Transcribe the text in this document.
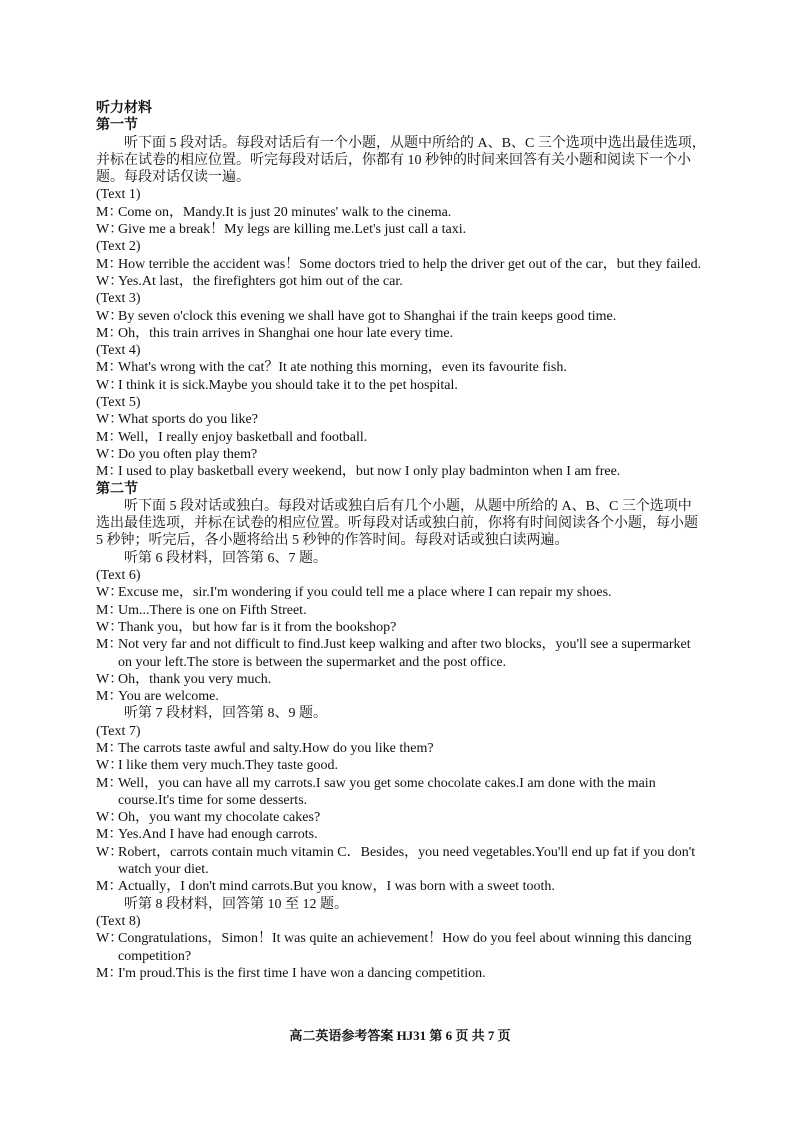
听力材料
第一节
听下面 5 段对话。每段对话后有一个小题，从题中所给的 A、B、C 三个选项中选出最佳选项，
并标在试卷的相应位置。听完每段对话后，你都有 10 秒钟的时间来回答有关小题和阅读下一个小
题。每段对话仅读一遍。
(Text 1)
M：Come on，Mandy.It is just 20 minutes' walk to the cinema.
W：Give me a break！My legs are killing me.Let's just call a taxi.
(Text 2)
M：How terrible the accident was！Some doctors tried to help the driver get out of the car，but they failed.
W：Yes.At last，the firefighters got him out of the car.
(Text 3)
W：By seven o'clock this evening we shall have got to Shanghai if the train keeps good time.
M：Oh，this train arrives in Shanghai one hour late every time.
(Text 4)
M：What's wrong with the cat？It ate nothing this morning，even its favourite fish.
W：I think it is sick.Maybe you should take it to the pet hospital.
(Text 5)
W：What sports do you like?
M：Well，I really enjoy basketball and football.
W：Do you often play them?
M：I used to play basketball every weekend，but now I only play badminton when I am free.
第二节
听下面 5 段对话或独白。每段对话或独白后有几个小题，从题中所给的 A、B、C 三个选项中
选出最佳选项，并标在试卷的相应位置。听每段对话或独白前，你将有时间阅读各个小题，每小题
5 秒钟；听完后，各小题将给出 5 秒钟的作答时间。每段对话或独白读两遍。
听第 6 段材料，回答第 6、7 题。
(Text 6)
W：Excuse me，sir.I'm wondering if you could tell me a place where I can repair my shoes.
M：Um...There is one on Fifth Street.
W：Thank you，but how far is it from the bookshop?
M：Not very far and not difficult to find.Just keep walking and after two blocks，you'll see a supermarket
on your left.The store is between the supermarket and the post office.
W：Oh，thank you very much.
M：You are welcome.
听第 7 段材料，回答第 8、9 题。
(Text 7)
M：The carrots taste awful and salty.How do you like them?
W：I like them very much.They taste good.
M：Well，you can have all my carrots.I saw you get some chocolate cakes.I am done with the main
course.It's time for some desserts.
W：Oh，you want my chocolate cakes?
M：Yes.And I have had enough carrots.
W：Robert，carrots contain much vitamin C．Besides，you need vegetables.You'll end up fat if you don't
watch your diet.
M：Actually，I don't mind carrots.But you know，I was born with a sweet tooth.
听第 8 段材料，回答第 10 至 12 题。
(Text 8)
W：Congratulations，Simon！It was quite an achievement！How do you feel about winning this dancing
competition?
M：I'm proud.This is the first time I have won a dancing competition.
高二英语参考答案 HJ31 第 6 页 共 7 页
